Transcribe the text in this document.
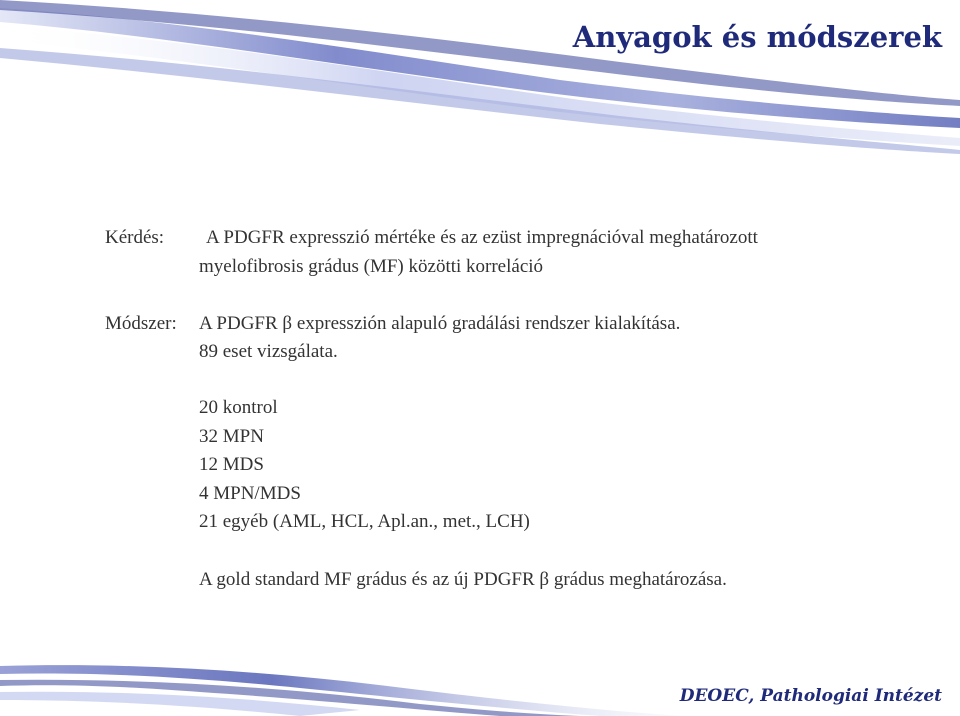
Anyagok és módszerek
Kérdés: A PDGFR expresszió mértéke és az ezüst impregnációval meghatározott
myelofibrosis grádus (MF) közötti korreláció
Módszer: A PDGFR β expresszión alapuló gradálási rendszer kialakítása.
89 eset vizsgálata.
20 kontrol
32 MPN
12 MDS
4 MPN/MDS
21 egyéb (AML, HCL, Apl.an., met., LCH)
A gold standard MF grádus és az új PDGFR β grádus meghatározása.
DEOEC, Pathologiai Intézet
